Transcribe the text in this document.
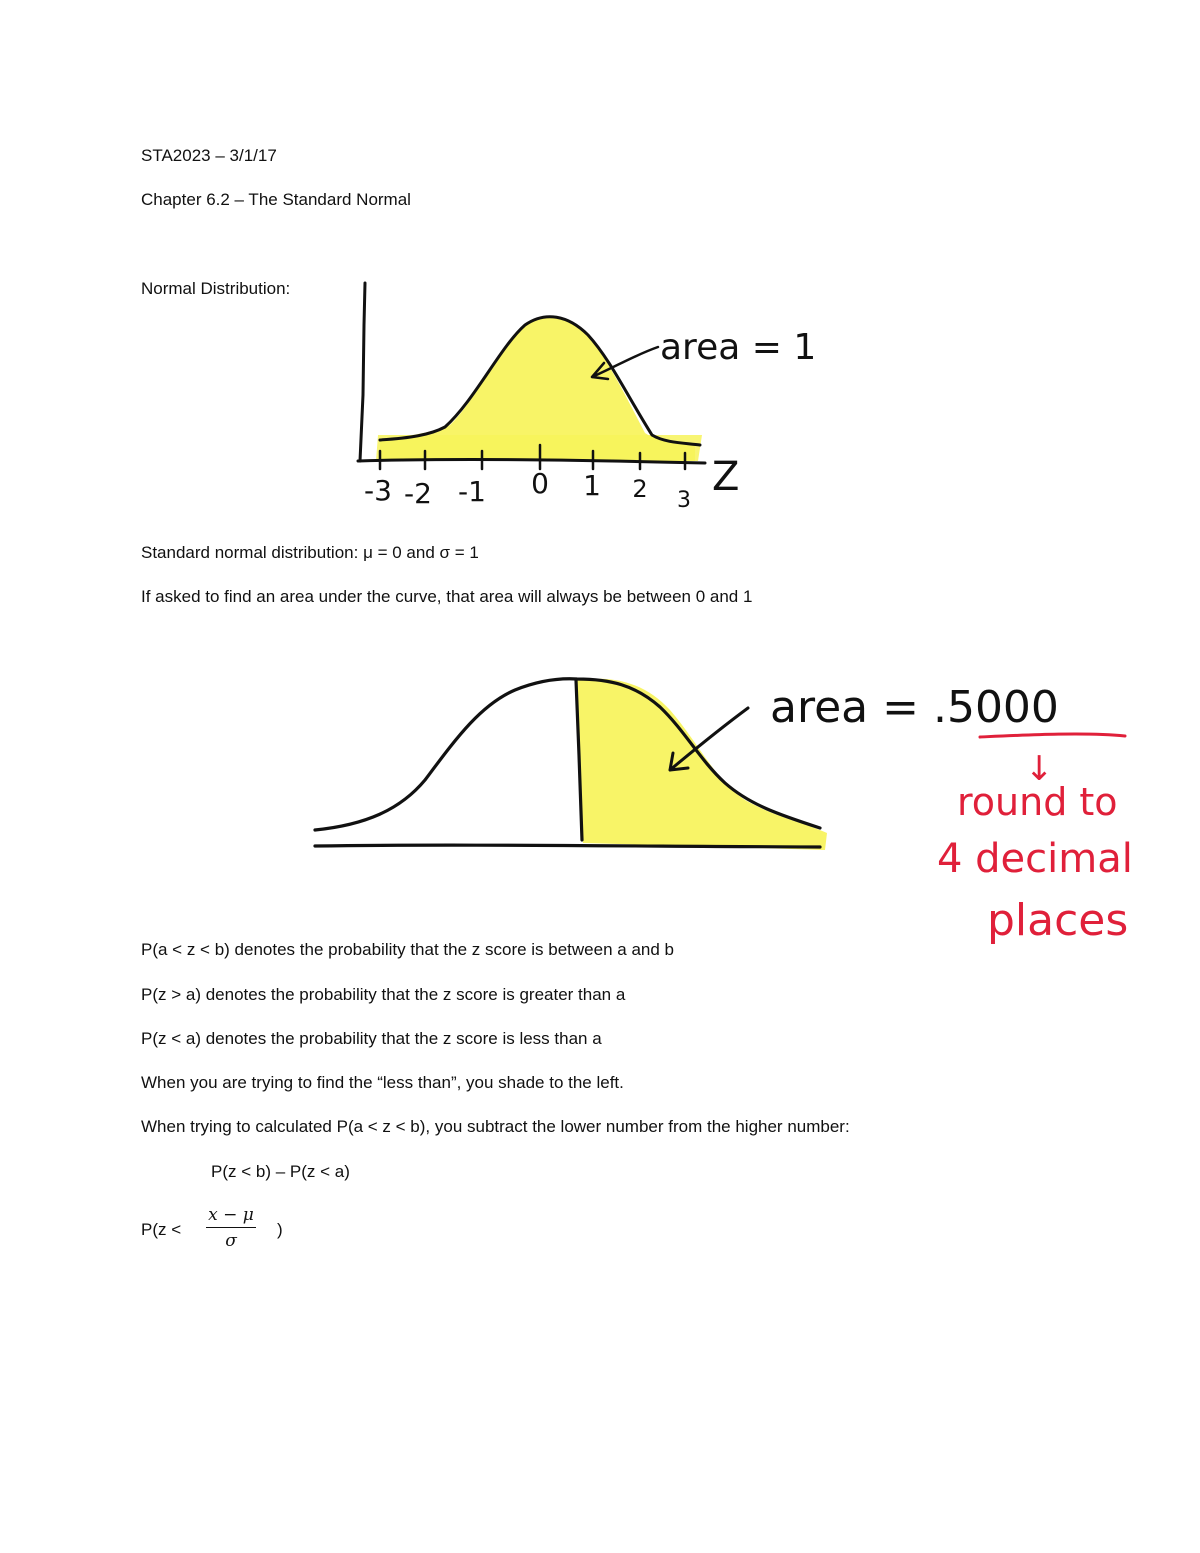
STA2023 – 3/1/17
Chapter 6.2 – The Standard Normal
Normal Distribution:
-3 -2 -1 0 1 2 3
Z
area = 1
Standard normal distribution: μ = 0 and σ = 1
If asked to find an area under the curve, that area will always be between 0 and 1
area = .5000
↓
round to
4 decimal
places
P(a < z < b) denotes the probability that the z score is between a and b
P(z > a) denotes the probability that the z score is greater than a
P(z < a) denotes the probability that the z score is less than a
When you are trying to find the “less than”, you shade to the left.
When trying to calculated P(a < z < b), you subtract the lower number from the higher number:
P(z < b) – P(z < a)
$P(z < \frac{x - \mu}{\sigma}$ )
